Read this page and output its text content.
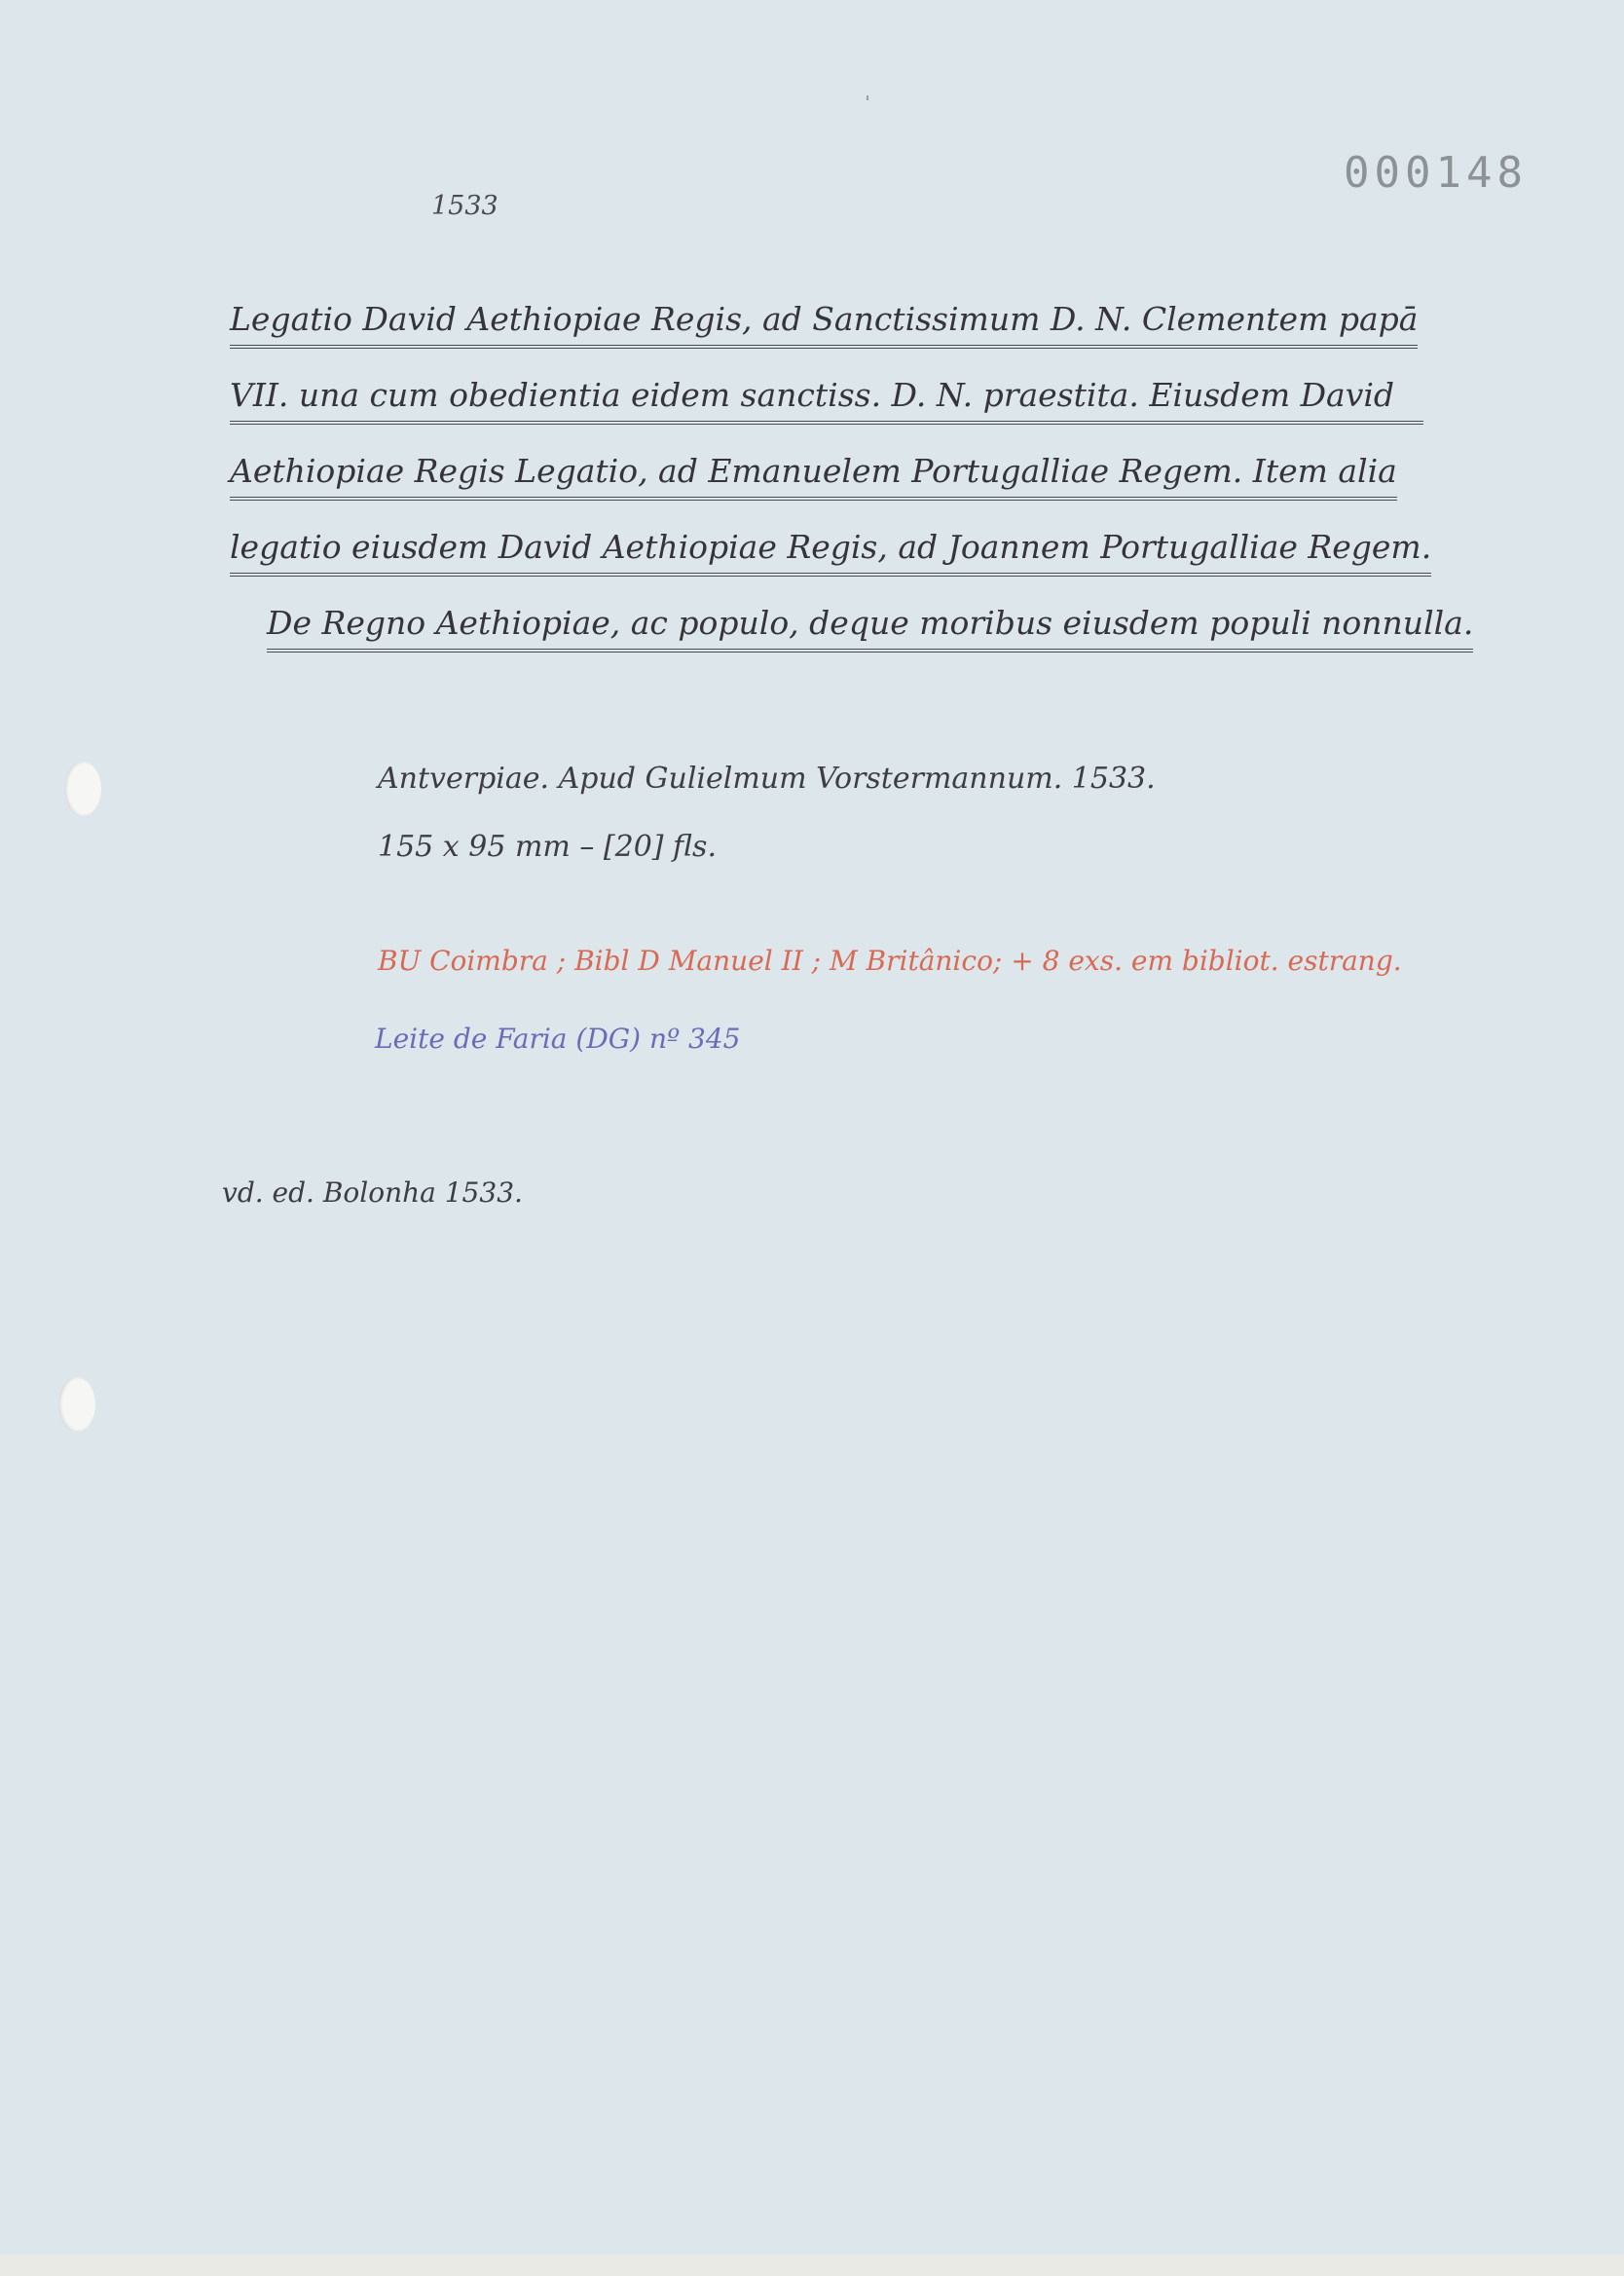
000148
1533
Legatio David Aethiopiae Regis, ad Sanctissimum D. N. Clementem papā
VII. una cum obedientia eidem sanctiss. D. N. praestita. Eiusdem David
Aethiopiae Regis Legatio, ad Emanuelem Portugalliae Regem. Item alia
legatio eiusdem David Aethiopiae Regis, ad Joannem Portugalliae Regem.
De Regno Aethiopiae, ac populo, deque moribus eiusdem populi nonnulla.
Antverpiae. Apud Gulielmum Vorstermannum. 1533.
155 x 95 mm – [20] fls.
BU Coimbra ; Bibl D Manuel II ; M Britânico; + 8 exs. em bibliot. estrang.
Leite de Faria (DG) nº 345
vd. ed. Bolonha 1533.
